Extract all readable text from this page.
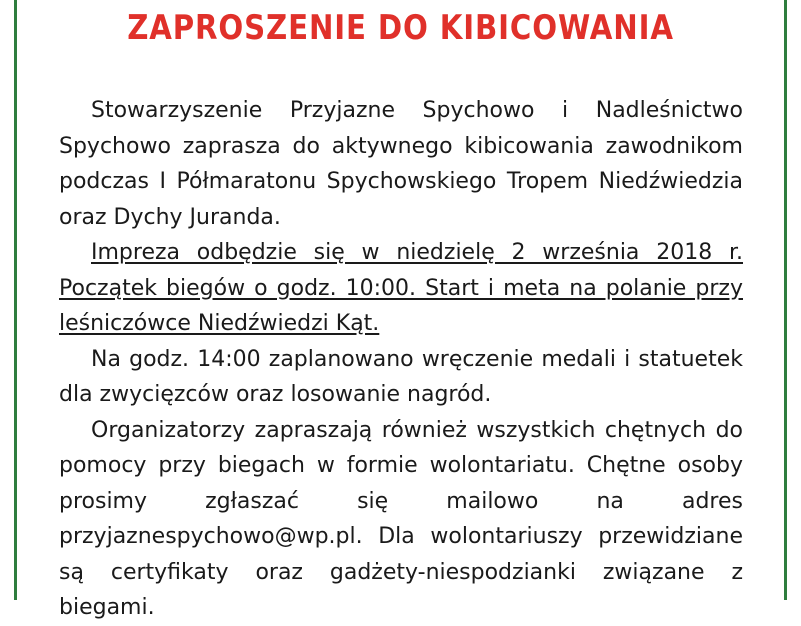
ZAPROSZENIE DO KIBICOWANIA

Stowarzyszenie Przyjazne Spychowo i Nadleśnictwo Spychowo zaprasza do aktywnego kibicowania zawodnikom podczas I Półmaratonu Spychowskiego Tropem Niedźwiedzia oraz Dychy Juranda.

Impreza odbędzie się w niedzielę 2 września 2018 r. Początek biegów o godz. 10:00. Start i meta na polanie przy leśniczówce Niedźwiedzi Kąt.

Na godz. 14:00 zaplanowano wręczenie medali i statuetek dla zwycięzców oraz losowanie nagród.

Organizatorzy zapraszają również wszystkich chętnych do pomocy przy biegach w formie wolontariatu. Chętne osoby prosimy zgłaszać się mailowo na adres przyjaznespychowo@wp.pl. Dla wolontariuszy przewidziane są certyfikaty oraz gadżety-niespodzianki związane z biegami.
